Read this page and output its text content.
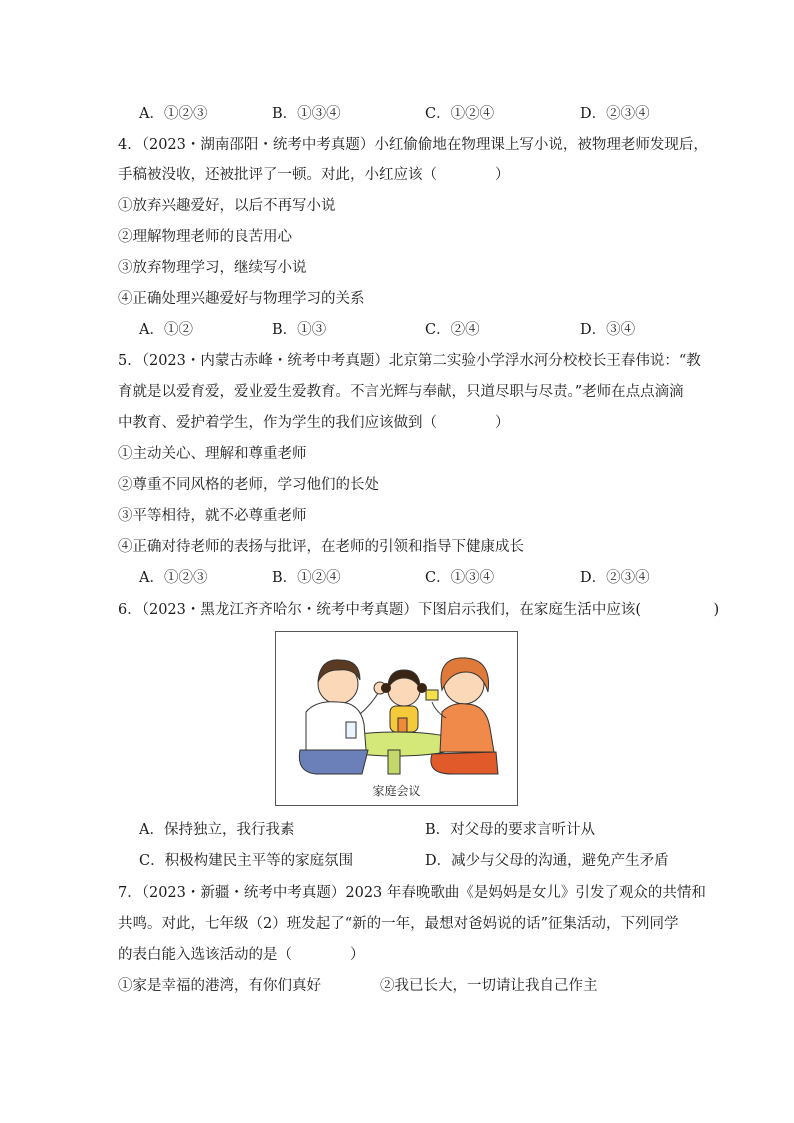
A．①②③	B．①③④	C．①②④	D．②③④
4．（2023・湖南邵阳・统考中考真题）小红偷偷地在物理课上写小说，被物理老师发现后，
手稿被没收，还被批评了一顿。对此，小红应该（　　　　）
①放弃兴趣爱好，以后不再写小说
②理解物理老师的良苦用心
③放弃物理学习，继续写小说
④正确处理兴趣爱好与物理学习的关系
A．①②	B．①③	C．②④	D．③④
5．（2023・内蒙古赤峰・统考中考真题）北京第二实验小学浮水河分校校长王春伟说：“教
育就是以爱育爱，爱业爱生爱教育。不言光辉与奉献，只道尽职与尽责。”老师在点点滴滴
中教育、爱护着学生，作为学生的我们应该做到（　　　　）
①主动关心、理解和尊重老师
②尊重不同风格的老师，学习他们的长处
③平等相待，就不必尊重老师
④正确对待老师的表扬与批评，在老师的引领和指导下健康成长
A．①②③	B．①②④	C．①③④	D．②③④
6．（2023・黑龙江齐齐哈尔・统考中考真题）下图启示我们，在家庭生活中应该(　　　　　)
家庭会议
A．保持独立，我行我素	B．对父母的要求言听计从
C．积极构建民主平等的家庭氛围	D．减少与父母的沟通，避免产生矛盾
7．（2023・新疆・统考中考真题）2023 年春晚歌曲《是妈妈是女儿》引发了观众的共情和
共鸣。对此，七年级（2）班发起了“新的一年，最想对爸妈说的话”征集活动，下列同学
的表白能入选该活动的是（　　　　）
①家是幸福的港湾，有你们真好	②我已长大，一切请让我自己作主
